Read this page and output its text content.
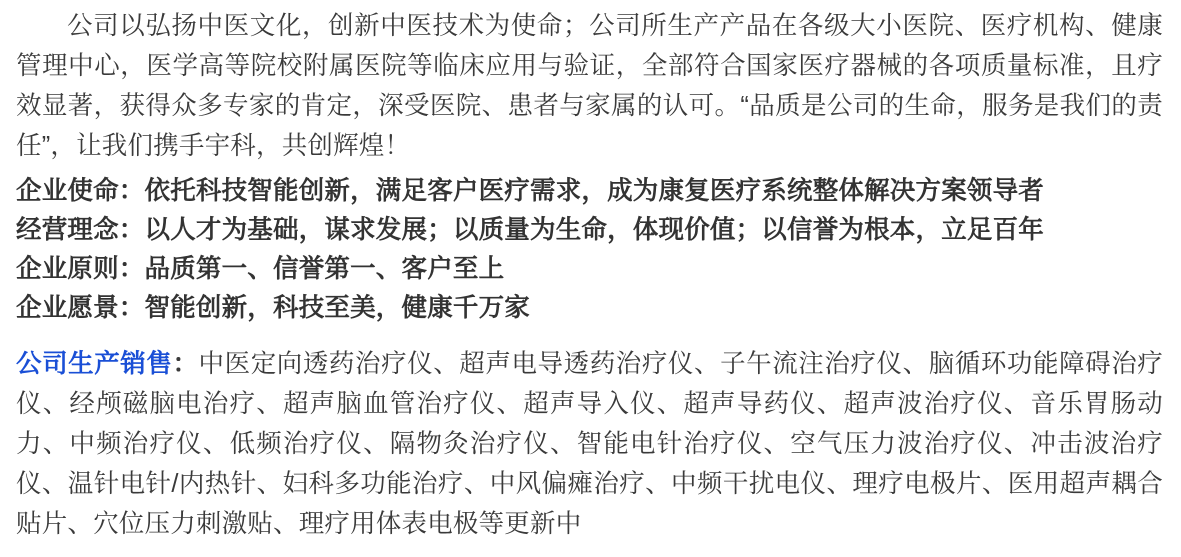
公司以弘扬中医文化，创新中医技术为使命；公司所生产产品在各级大小医院、医疗机构、健康管理中心，医学高等院校附属医院等临床应用与验证，全部符合国家医疗器械的各项质量标准，且疗效显著，获得众多专家的肯定，深受医院、患者与家属的认可。“品质是公司的生命，服务是我们的责任”，让我们携手宇科，共创辉煌！

企业使命：依托科技智能创新，满足客户医疗需求，成为康复医疗系统整体解决方案领导者

经营理念：以人才为基础，谋求发展；以质量为生命，体现价值；以信誉为根本，立足百年

企业原则：品质第一、信誉第一、客户至上

企业愿景：智能创新，科技至美，健康千万家

公司生产销售：中医定向透药治疗仪、超声电导透药治疗仪、子午流注治疗仪、脑循环功能障碍治疗仪、经颅磁脑电治疗、超声脑血管治疗仪、超声导入仪、超声导药仪、超声波治疗仪、音乐胃肠动力、中频治疗仪、低频治疗仪、隔物灸治疗仪、智能电针治疗仪、空气压力波治疗仪、冲击波治疗仪、温针电针/内热针、妇科多功能治疗、中风偏瘫治疗、中频干扰电仪、理疗电极片、医用超声耦合贴片、穴位压力刺激贴、理疗用体表电极等更新中
